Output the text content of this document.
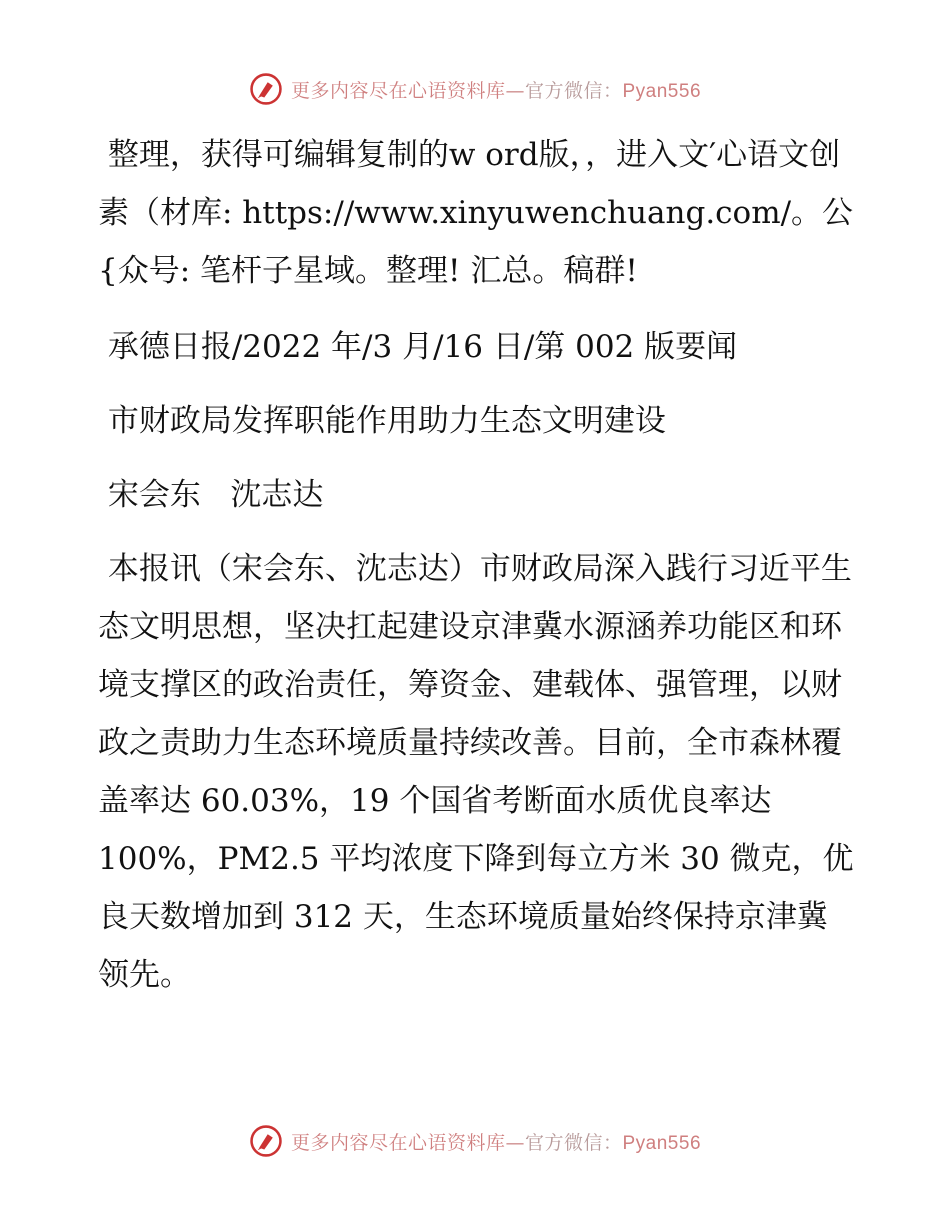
更多内容尽在心语资料库—官方微信：Pyan556

整理，获得可编辑复制的w ord版，，进入文′心语文创素（材库: https://www.xinyuwenchuang.com/。公{众号: 笔杆子星域。整理! 汇总。稿群!

承德日报/2022 年/3 月/16 日/第 002 版要闻

市财政局发挥职能作用助力生态文明建设

宋会东   沈志达

本报讯（宋会东、沈志达）市财政局深入践行习近平生态文明思想，坚决扛起建设京津冀水源涵养功能区和环境支撑区的政治责任，筹资金、建载体、强管理，以财政之责助力生态环境质量持续改善。目前，全市森林覆盖率达 60.03%，19 个国省考断面水质优良率达 100%，PM2.5 平均浓度下降到每立方米 30 微克，优良天数增加到 312 天，生态环境质量始终保持京津冀领先。

更多内容尽在心语资料库—官方微信：Pyan556
